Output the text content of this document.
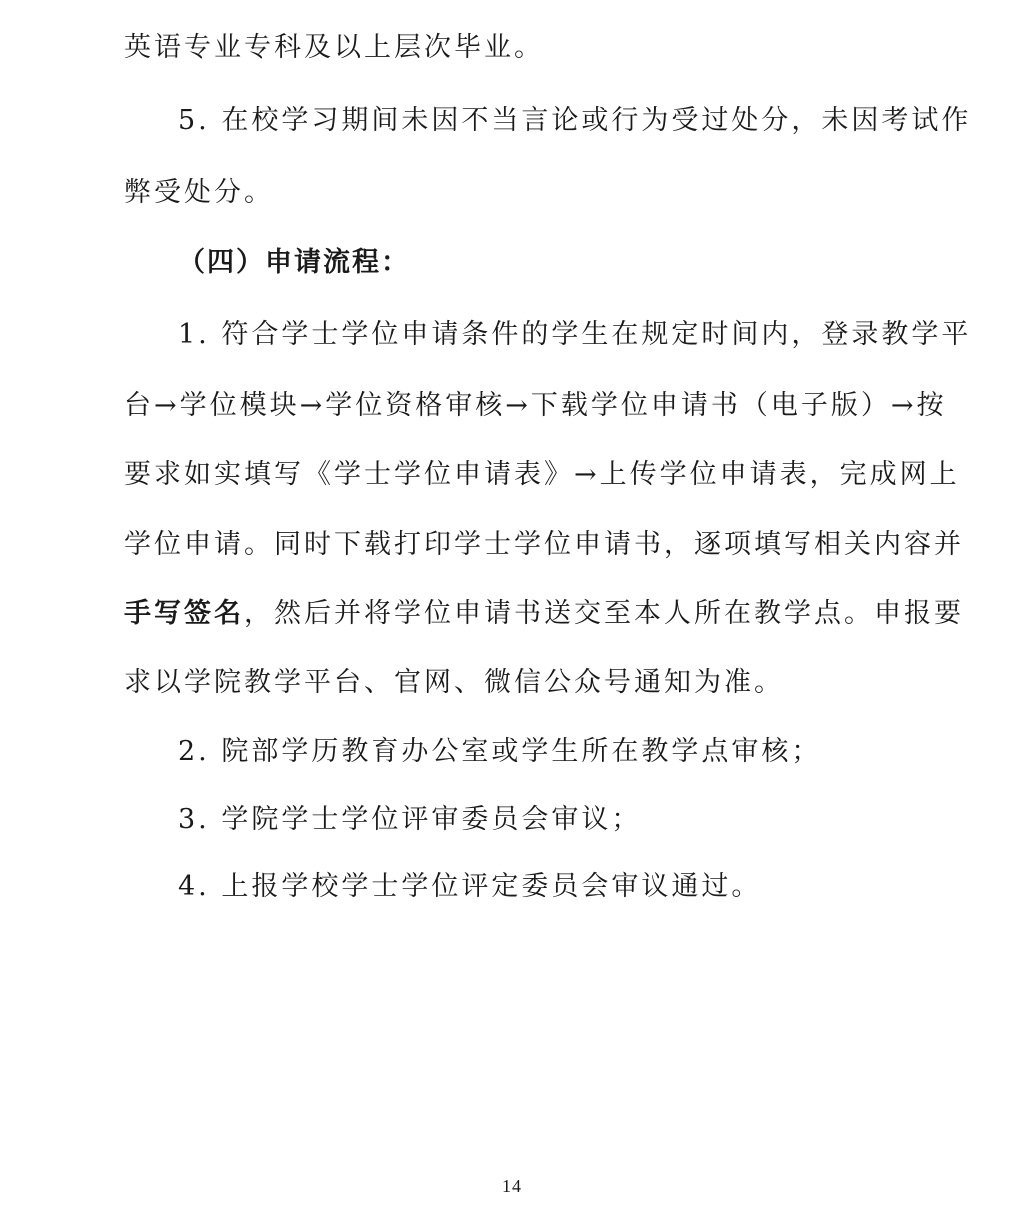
英语专业专科及以上层次毕业。
5. 在校学习期间未因不当言论或行为受过处分，未因考试作
弊受处分。
（四）申请流程：
1. 符合学士学位申请条件的学生在规定时间内，登录教学平
台→学位模块→学位资格审核→下载学位申请书（电子版）→按
要求如实填写《学士学位申请表》→上传学位申请表，完成网上
学位申请。同时下载打印学士学位申请书，逐项填写相关内容并
手写签名，然后并将学位申请书送交至本人所在教学点。申报要
求以学院教学平台、官网、微信公众号通知为准。
2. 院部学历教育办公室或学生所在教学点审核；
3. 学院学士学位评审委员会审议；
4. 上报学校学士学位评定委员会审议通过。
14
